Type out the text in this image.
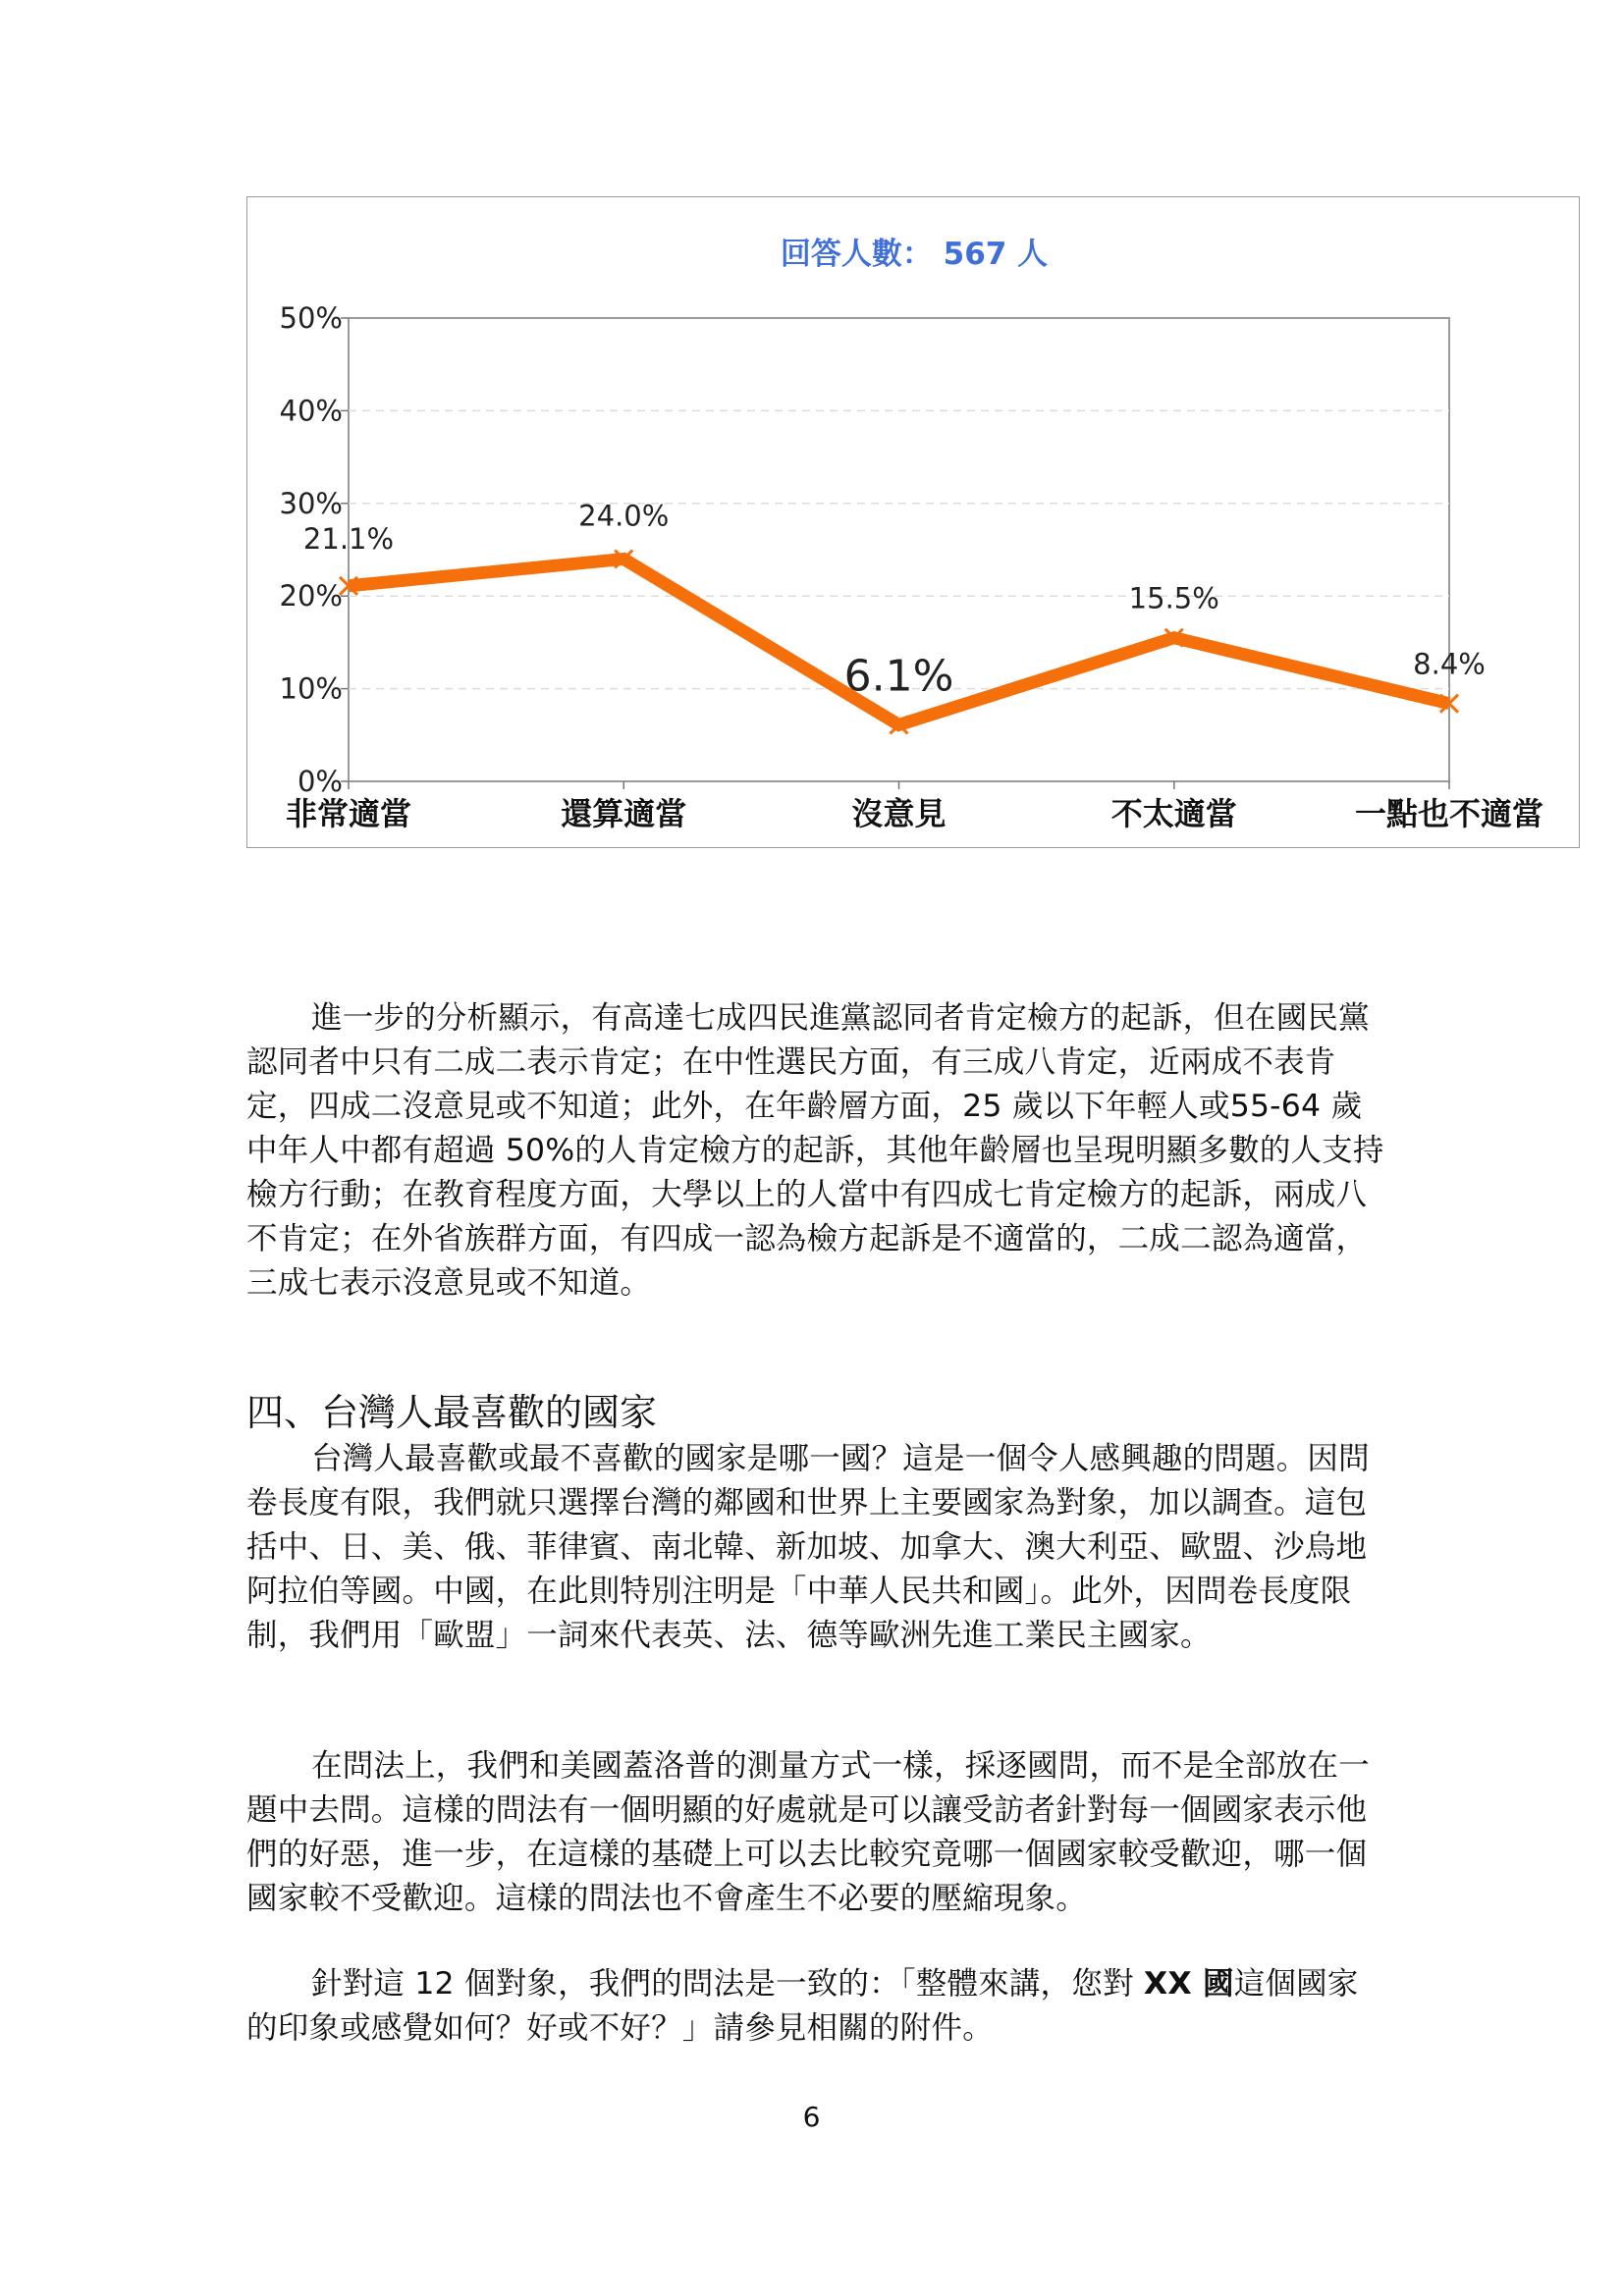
回答人數： 567 人
0%
10%
20%
30%
40%
50%
非常適當	還算適當	沒意見	不太適當	一點也不適當
21.1%
24.0%
6.1%
15.5%
8.4%

進一步的分析顯示，有高達七成四民進黨認同者肯定檢方的起訴，但在國民黨認同者中只有二成二表示肯定；在中性選民方面，有三成八肯定，近兩成不表肯定，四成二沒意見或不知道；此外，在年齡層方面，25 歲以下年輕人或55-64 歲中年人中都有超過 50%的人肯定檢方的起訴，其他年齡層也呈現明顯多數的人支持檢方行動；在教育程度方面，大學以上的人當中有四成七肯定檢方的起訴，兩成八不肯定；在外省族群方面，有四成一認為檢方起訴是不適當的，二成二認為適當，三成七表示沒意見或不知道。

四、台灣人最喜歡的國家

台灣人最喜歡或最不喜歡的國家是哪一國？這是一個令人感興趣的問題。因問卷長度有限，我們就只選擇台灣的鄰國和世界上主要國家為對象，加以調查。這包括中、日、美、俄、菲律賓、南北韓、新加坡、加拿大、澳大利亞、歐盟、沙烏地阿拉伯等國。中國，在此則特別注明是「中華人民共和國」。此外，因問卷長度限制，我們用「歐盟」一詞來代表英、法、德等歐洲先進工業民主國家。

在問法上，我們和美國蓋洛普的測量方式一樣，採逐國問，而不是全部放在一題中去問。這樣的問法有一個明顯的好處就是可以讓受訪者針對每一個國家表示他們的好惡，進一步，在這樣的基礎上可以去比較究竟哪一個國家較受歡迎，哪一個國家較不受歡迎。這樣的問法也不會產生不必要的壓縮現象。

針對這 12 個對象，我們的問法是一致的：「整體來講，您對 XX 國這個國家的印象或感覺如何？好或不好？」請參見相關的附件。

6
